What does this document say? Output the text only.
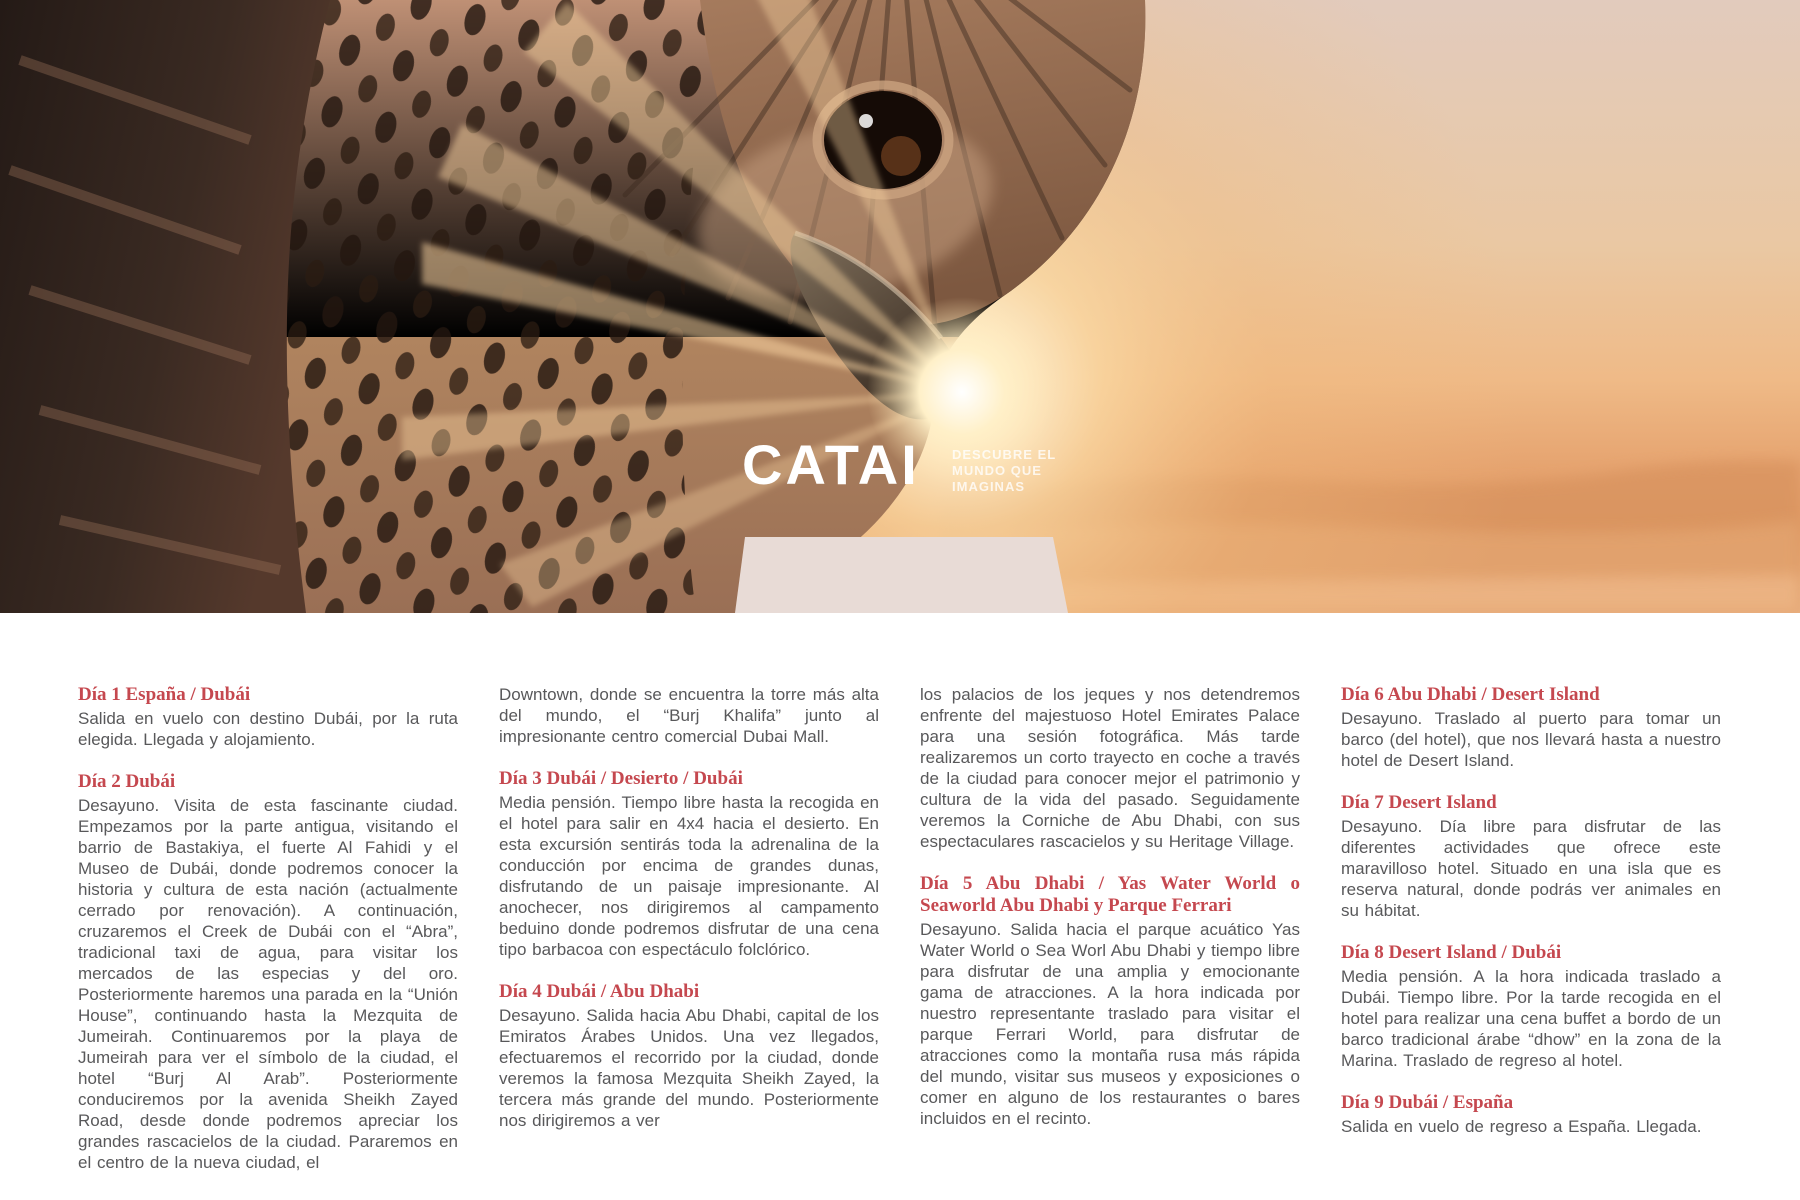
CATAI DESCUBRE EL
MUNDO QUE
IMAGINAS
Día 1 España / Dubái

Salida en vuelo con destino Dubái, por la ruta elegida. Llegada y alojamiento.

Día 2 Dubái

Desayuno. Visita de esta fascinante ciudad. Empezamos por la parte antigua, visitando el barrio de Bastakiya, el fuerte Al Fahidi y el Museo de Dubái, donde podremos conocer la historia y cultura de esta nación (actualmente cerrado por renovación). A continuación, cruzaremos el Creek de Dubái con el “Abra”, tradicional taxi de agua, para visitar los mercados de las especias y del oro. Posteriormente haremos una parada en la “Unión House”, continuando hasta la Mezquita de Jumeirah. Continuaremos por la playa de Jumeirah para ver el símbolo de la ciudad, el hotel “Burj Al Arab”. Posteriormente conduciremos por la avenida Sheikh Zayed Road, desde donde podremos apreciar los grandes rascacielos de la ciudad. Pararemos en el centro de la nueva ciudad, el

Downtown, donde se encuentra la torre más alta del mundo, el “Burj Khalifa” junto al impresionante centro comercial Dubai Mall.

Día 3 Dubái / Desierto / Dubái

Media pensión. Tiempo libre hasta la recogida en el hotel para salir en 4x4 hacia el desierto. En esta excursión sentirás toda la adrenalina de la conducción por encima de grandes dunas, disfrutando de un paisaje impresionante. Al anochecer, nos dirigiremos al campamento beduino donde podremos disfrutar de una cena tipo barbacoa con espectáculo folclórico.

Día 4 Dubái / Abu Dhabi

Desayuno. Salida hacia Abu Dhabi, capital de los Emiratos Árabes Unidos. Una vez llegados, efectuaremos el recorrido por la ciudad, donde veremos la famosa Mezquita Sheikh Zayed, la tercera más grande del mundo. Posteriormente nos dirigiremos a ver

los palacios de los jeques y nos detendremos enfrente del majestuoso Hotel Emirates Palace para una sesión fotográfica. Más tarde realizaremos un corto trayecto en coche a través de la ciudad para conocer mejor el patrimonio y cultura de la vida del pasado. Seguidamente veremos la Corniche de Abu Dhabi, con sus espectaculares rascacielos y su Heritage Village.

Día 5 Abu Dhabi / Yas Water World o Seaworld Abu Dhabi y Parque Ferrari

Desayuno. Salida hacia el parque acuático Yas Water World o Sea Worl Abu Dhabi y tiempo libre para disfrutar de una amplia y emocionante gama de atracciones. A la hora indicada por nuestro representante traslado para visitar el parque Ferrari World, para disfrutar de atracciones como la montaña rusa más rápida del mundo, visitar sus museos y exposiciones o comer en alguno de los restaurantes o bares incluidos en el recinto.

Día 6 Abu Dhabi / Desert Island

Desayuno. Traslado al puerto para tomar un barco (del hotel), que nos llevará hasta a nuestro hotel de Desert Island.

Día 7 Desert Island

Desayuno. Día libre para disfrutar de las diferentes actividades que ofrece este maravilloso hotel. Situado en una isla que es reserva natural, donde podrás ver animales en su hábitat.

Día 8 Desert Island / Dubái

Media pensión. A la hora indicada traslado a Dubái. Tiempo libre. Por la tarde recogida en el hotel para realizar una cena buffet a bordo de un barco tradicional árabe “dhow” en la zona de la Marina. Traslado de regreso al hotel.

Día 9 Dubái / España

Salida en vuelo de regreso a España. Llegada.
